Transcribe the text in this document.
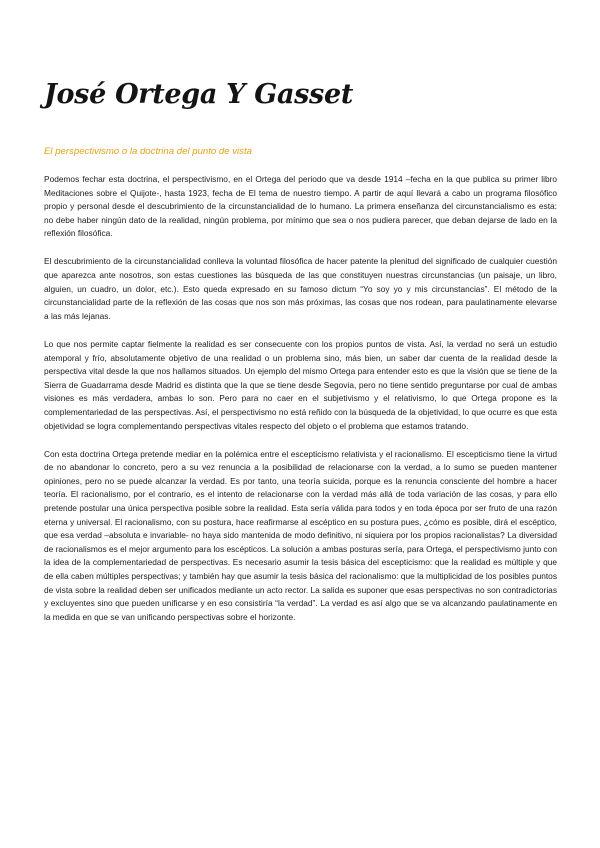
José Ortega Y Gasset
El perspectivismo o la doctrina del punto de vista

Podemos fechar esta doctrina, el perspectivismo, en el Ortega del periodo que va desde 1914 –fecha en la que publica su primer libro Meditaciones sobre el Quijote-, hasta 1923, fecha de El tema de nuestro tiempo. A partir de aquí llevará a cabo un programa filosófico propio y personal desde el descubrimiento de la circunstancialidad de lo humano. La primera enseñanza del circunstancialismo es esta: no debe haber ningún dato de la realidad, ningún problema, por mínimo que sea o nos pudiera parecer, que deban dejarse de lado en la reflexión filosófica.

El descubrimiento de la circunstancialidad conlleva la voluntad filosófica de hacer patente la plenitud del significado de cualquier cuestión que aparezca ante nosotros, son estas cuestiones las búsqueda de las que constituyen nuestras circunstancias (un paisaje, un libro, alguien, un cuadro, un dolor, etc.). Esto queda expresado en su famoso dictum “Yo soy yo y mis circunstancias”. El método de la circunstancialidad parte de la reflexión de las cosas que nos son más próximas, las cosas que nos rodean, para paulatinamente elevarse a las más lejanas.

Lo que nos permite captar fielmente la realidad es ser consecuente con los propios puntos de vista. Así, la verdad no será un estudio atemporal y frío, absolutamente objetivo de una realidad o un problema sino, más bien, un saber dar cuenta de la realidad desde la perspectiva vital desde la que nos hallamos situados. Un ejemplo del mismo Ortega para entender esto es que la visión que se tiene de la Sierra de Guadarrama desde Madrid es distinta que la que se tiene desde Segovia, pero no tiene sentido preguntarse por cual de ambas visiones es más verdadera, ambas lo son. Pero para no caer en el subjetivismo y el relativismo, lo que Ortega propone es la complementariedad de las perspectivas. Así, el perspectivismo no está reñido con la búsqueda de la objetividad, lo que ocurre es que esta objetividad se logra complementando perspectivas vitales respecto del objeto o el problema que estamos tratando.

Con esta doctrina Ortega pretende mediar en la polémica entre el escepticismo relativista y el racionalismo. El escepticismo tiene la virtud de no abandonar lo concreto, pero a su vez renuncia a la posibilidad de relacionarse con la verdad, a lo sumo se pueden mantener opiniones, pero no se puede alcanzar la verdad. Es por tanto, una teoría suicida, porque es la renuncia consciente del hombre a hacer teoría. El racionalismo, por el contrario, es el intento de relacionarse con la verdad más allá de toda variación de las cosas, y para ello pretende postular una única perspectiva posible sobre la realidad. Esta sería válida para todos y en toda época por ser fruto de una razón eterna y universal. El racionalismo, con su postura, hace reafirmarse al escéptico en su postura pues, ¿cómo es posible, dirá el escéptico, que esa verdad –absoluta e invariable- no haya sido mantenida de modo definitivo, ni siquiera por los propios racionalistas? La diversidad de racionalismos es el mejor argumento para los escépticos. La solución a ambas posturas sería, para Ortega, el perspectivismo junto con la idea de la complementariedad de perspectivas. Es necesario asumir la tesis básica del escepticismo: que la realidad es múltiple y que de ella caben múltiples perspectivas; y también hay que asumir la tesis básica del racionalismo: que la multiplicidad de los posibles puntos de vista sobre la realidad deben ser unificados mediante un acto rector. La salida es suponer que esas perspectivas no son contradictorias y excluyentes sino que pueden unificarse y en eso consistiría “la verdad”. La verdad es así algo que se va alcanzando paulatinamente en la medida en que se van unificando perspectivas sobre el horizonte.
